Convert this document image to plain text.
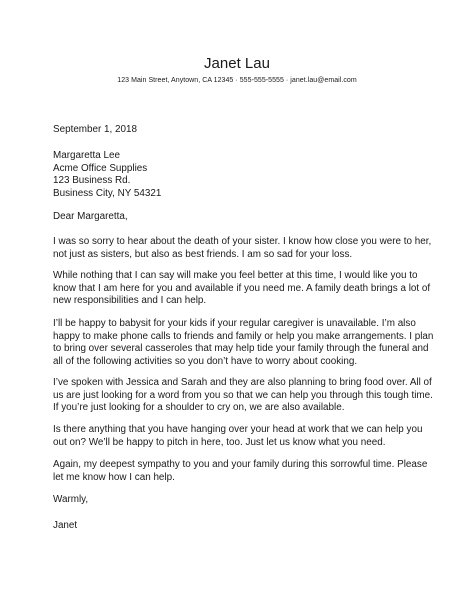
Janet Lau
123 Main Street, Anytown, CA 12345 · 555-555-5555 · janet.lau@email.com
September 1, 2018
Margaretta Lee
Acme Office Supplies
123 Business Rd.
Business City, NY 54321
Dear Margaretta,
I was so sorry to hear about the death of your sister. I know how close you were to her,
not just as sisters, but also as best friends. I am so sad for your loss.
While nothing that I can say will make you feel better at this time, I would like you to
know that I am here for you and available if you need me. A family death brings a lot of
new responsibilities and I can help.
I’ll be happy to babysit for your kids if your regular caregiver is unavailable. I’m also
happy to make phone calls to friends and family or help you make arrangements. I plan
to bring over several casseroles that may help tide your family through the funeral and
all of the following activities so you don’t have to worry about cooking.
I’ve spoken with Jessica and Sarah and they are also planning to bring food over. All of
us are just looking for a word from you so that we can help you through this tough time.
If you’re just looking for a shoulder to cry on, we are also available.
Is there anything that you have hanging over your head at work that we can help you
out on? We’ll be happy to pitch in here, too. Just let us know what you need.
Again, my deepest sympathy to you and your family during this sorrowful time. Please
let me know how I can help.
Warmly,
Janet
